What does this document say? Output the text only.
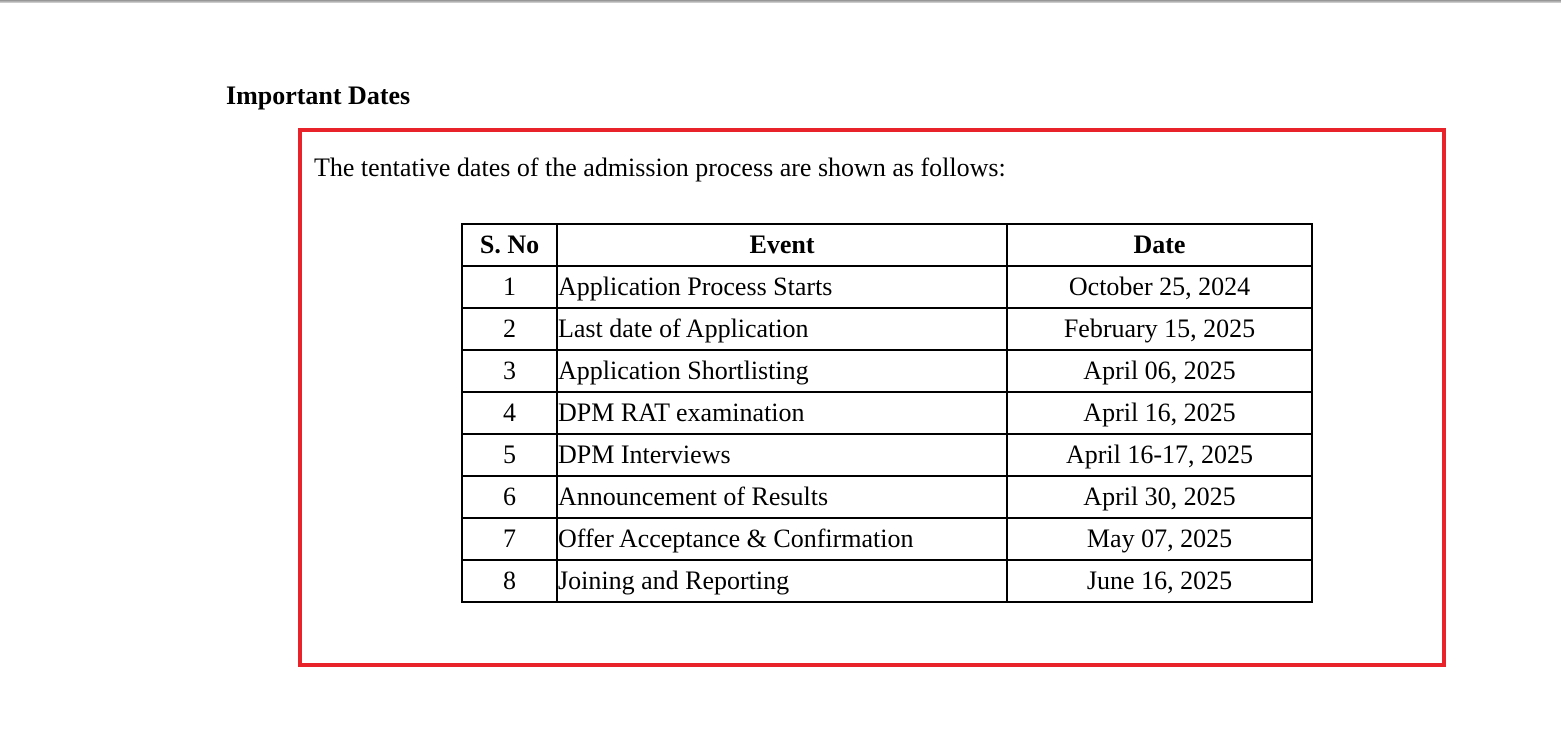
Important Dates
The tentative dates of the admission process are shown as follows:
S. No	Event	Date
1	Application Process Starts	October 25, 2024
2	Last date of Application	February 15, 2025
3	Application Shortlisting	April 06, 2025
4	DPM RAT examination	April 16, 2025
5	DPM Interviews	April 16-17, 2025
6	Announcement of Results	April 30, 2025
7	Offer Acceptance & Confirmation	May 07, 2025
8	Joining and Reporting	June 16, 2025
